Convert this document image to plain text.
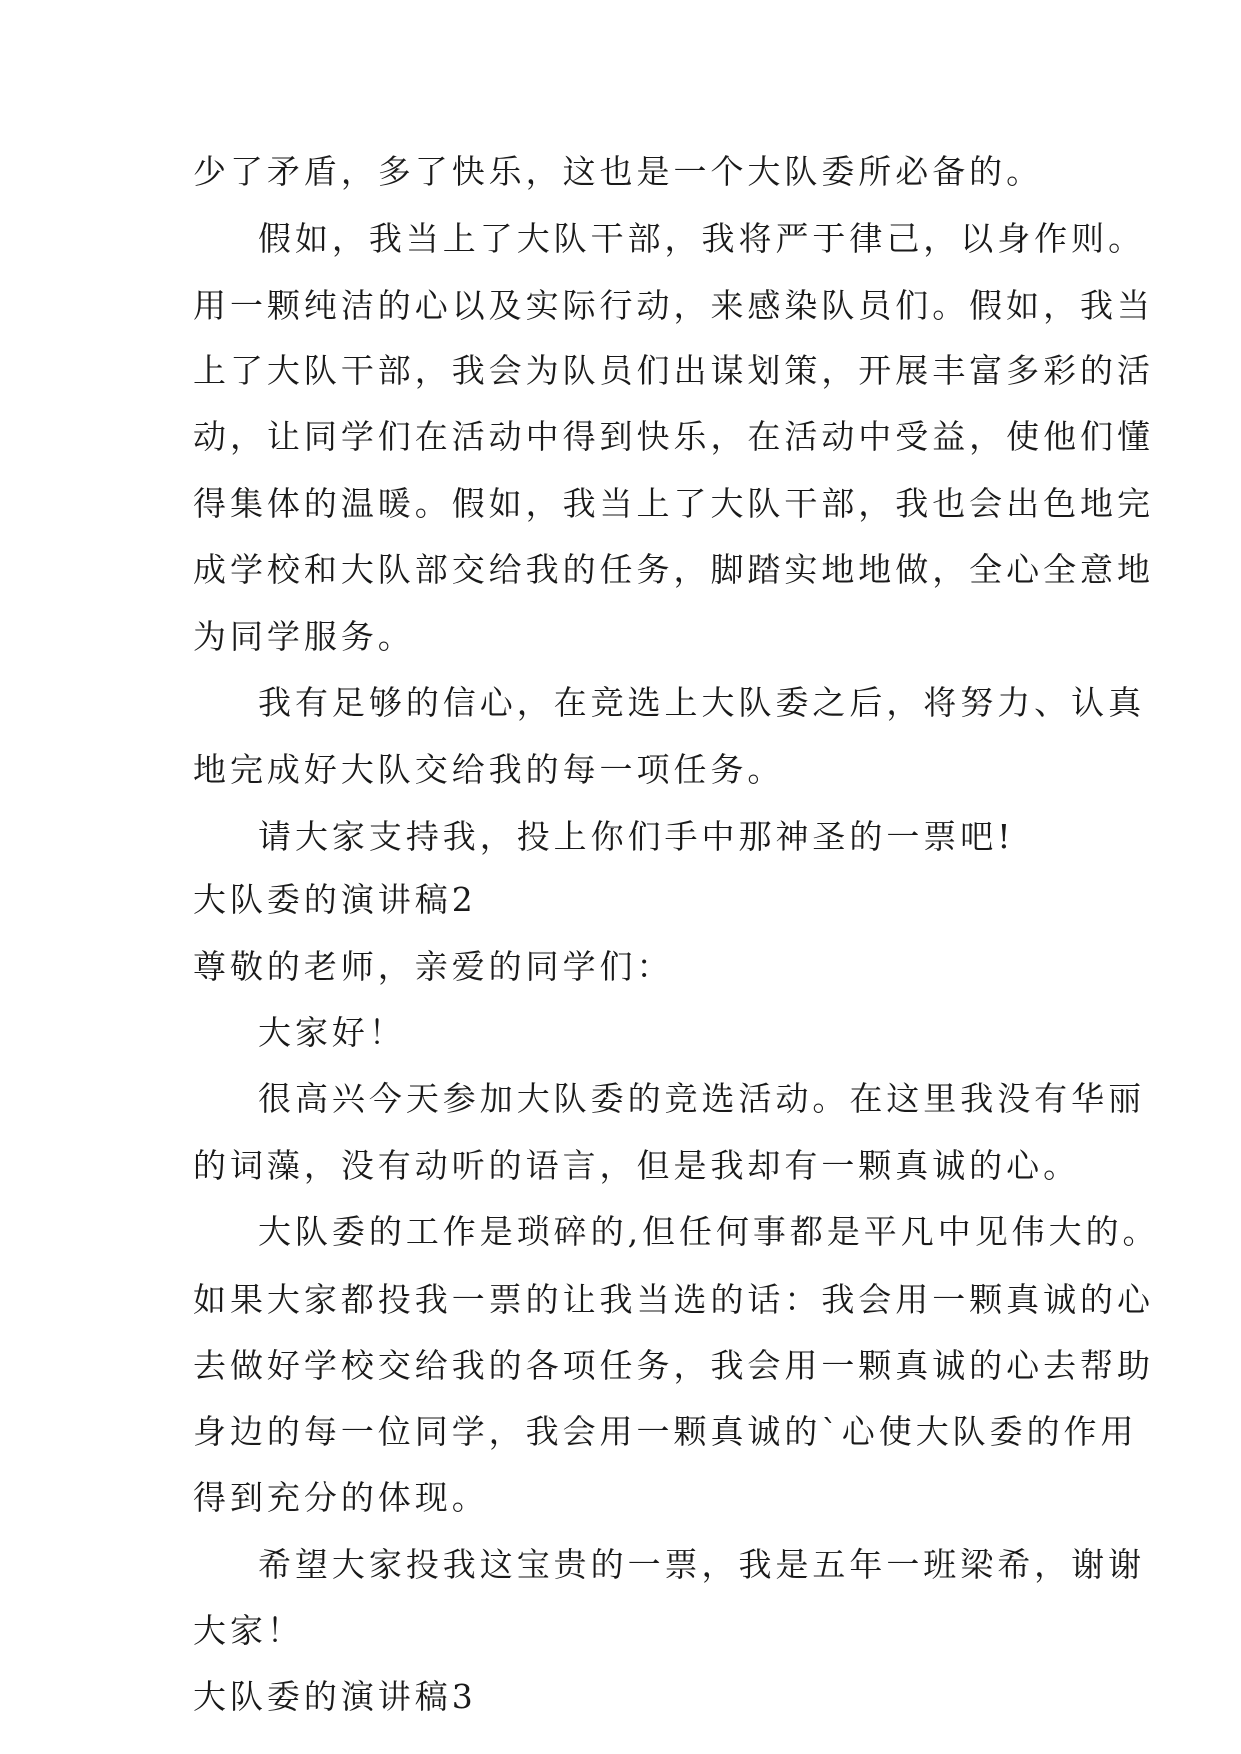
少了矛盾，多了快乐，这也是一个大队委所必备的。
假如，我当上了大队干部，我将严于律己，以身作则。
用一颗纯洁的心以及实际行动，来感染队员们。假如，我当
上了大队干部，我会为队员们出谋划策，开展丰富多彩的活
动，让同学们在活动中得到快乐，在活动中受益，使他们懂
得集体的温暖。假如，我当上了大队干部，我也会出色地完
成学校和大队部交给我的任务，脚踏实地地做，全心全意地
为同学服务。
我有足够的信心，在竞选上大队委之后，将努力、认真
地完成好大队交给我的每一项任务。
请大家支持我，投上你们手中那神圣的一票吧!
大队委的演讲稿2
尊敬的老师，亲爱的同学们：
大家好！
很高兴今天参加大队委的竞选活动。在这里我没有华丽
的词藻，没有动听的语言，但是我却有一颗真诚的心。
大队委的工作是琐碎的,但任何事都是平凡中见伟大的。
如果大家都投我一票的让我当选的话：我会用一颗真诚的心
去做好学校交给我的各项任务，我会用一颗真诚的心去帮助
身边的每一位同学，我会用一颗真诚的`心使大队委的作用
得到充分的体现。
希望大家投我这宝贵的一票，我是五年一班梁希，谢谢
大家！
大队委的演讲稿3
